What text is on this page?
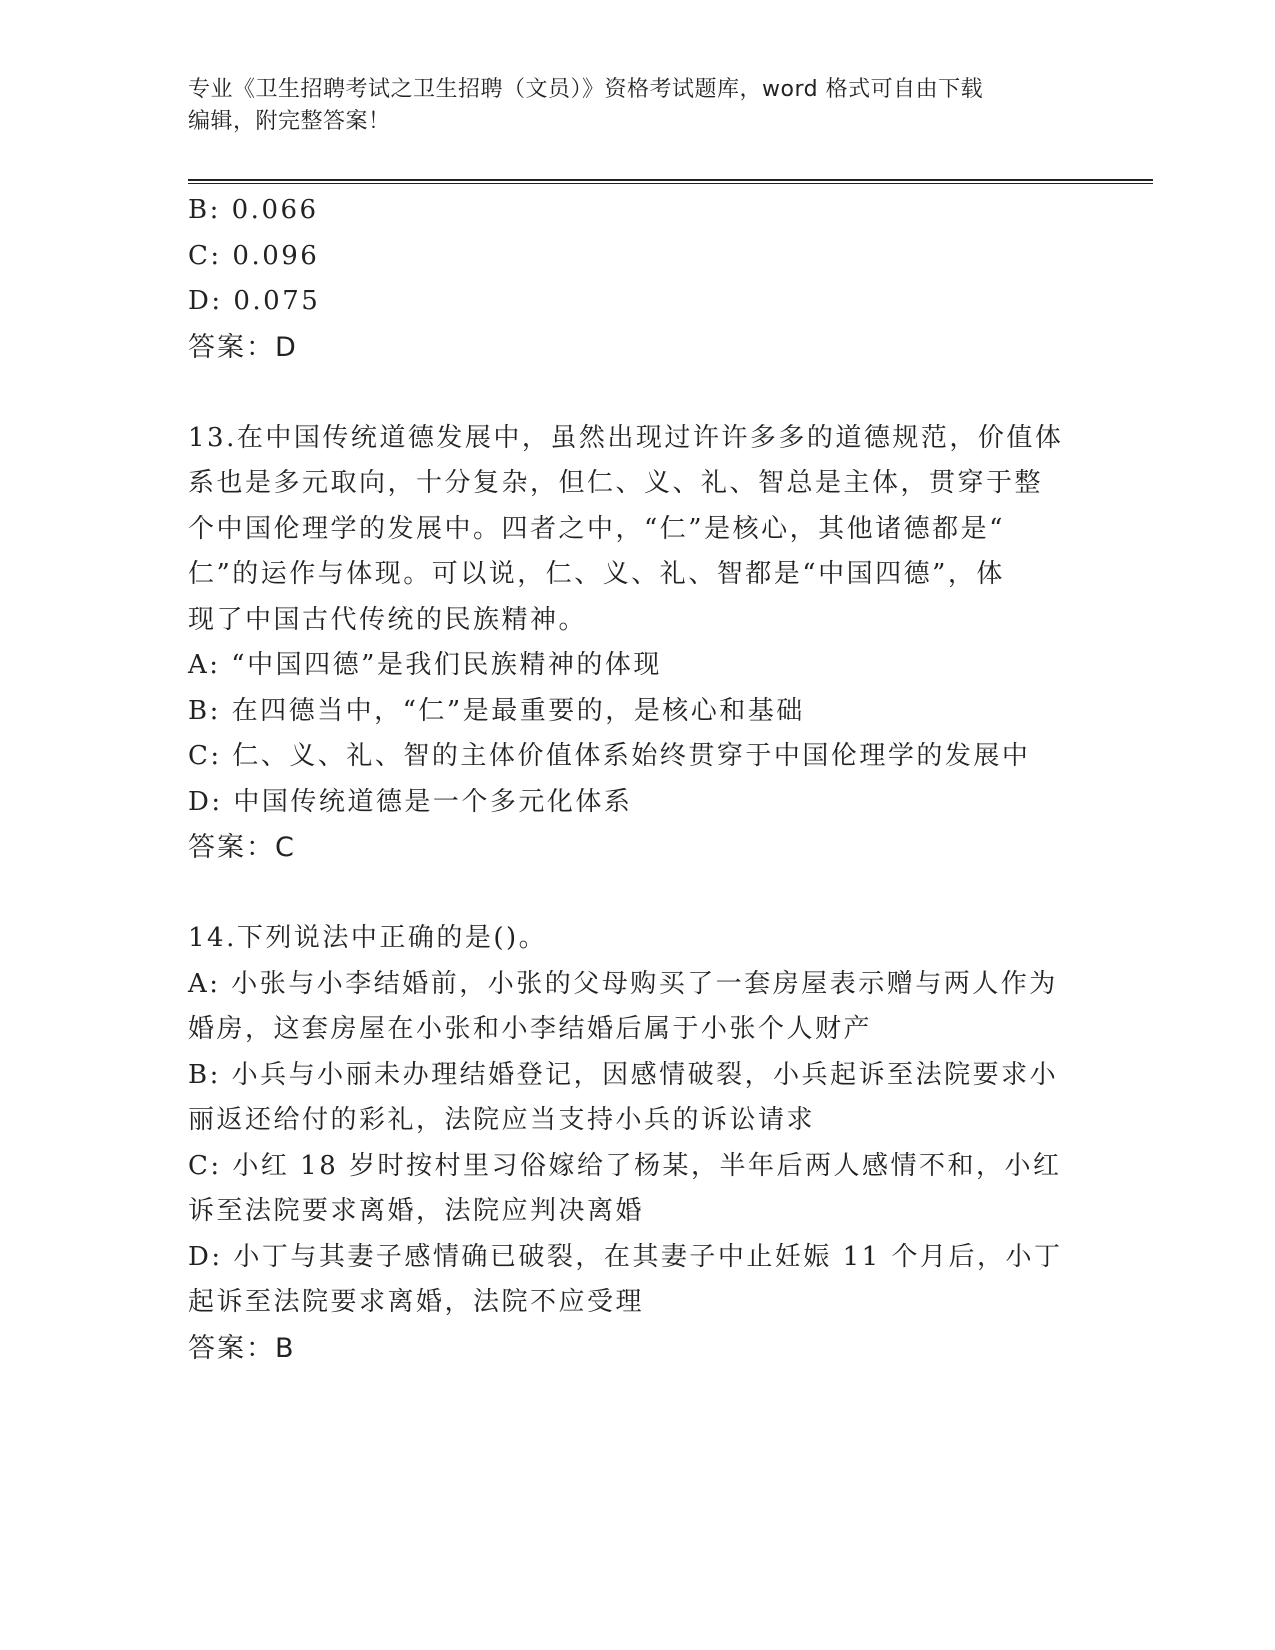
专业《卫生招聘考试之卫生招聘（文员）》资格考试题库，word 格式可自由下载
编辑，附完整答案！

B: 0.066

C: 0.096

D: 0.075

答案：D

13.在中国传统道德发展中，虽然出现过许许多多的道德规范，价值体

系也是多元取向，十分复杂，但仁、义、礼、智总是主体，贯穿于整

个中国伦理学的发展中。四者之中，“仁”是核心，其他诸德都是“

仁”的运作与体现。可以说，仁、义、礼、智都是“中国四德”，体

现了中国古代传统的民族精神。

A: “中国四德”是我们民族精神的体现

B: 在四德当中，“仁”是最重要的，是核心和基础

C: 仁、义、礼、智的主体价值体系始终贯穿于中国伦理学的发展中

D: 中国传统道德是一个多元化体系

答案：C

14.下列说法中正确的是()。

A: 小张与小李结婚前，小张的父母购买了一套房屋表示赠与两人作为

婚房，这套房屋在小张和小李结婚后属于小张个人财产

B: 小兵与小丽未办理结婚登记，因感情破裂，小兵起诉至法院要求小

丽返还给付的彩礼，法院应当支持小兵的诉讼请求

C: 小红 18 岁时按村里习俗嫁给了杨某，半年后两人感情不和，小红

诉至法院要求离婚，法院应判决离婚

D: 小丁与其妻子感情确已破裂，在其妻子中止妊娠 11 个月后，小丁

起诉至法院要求离婚，法院不应受理

答案：B
